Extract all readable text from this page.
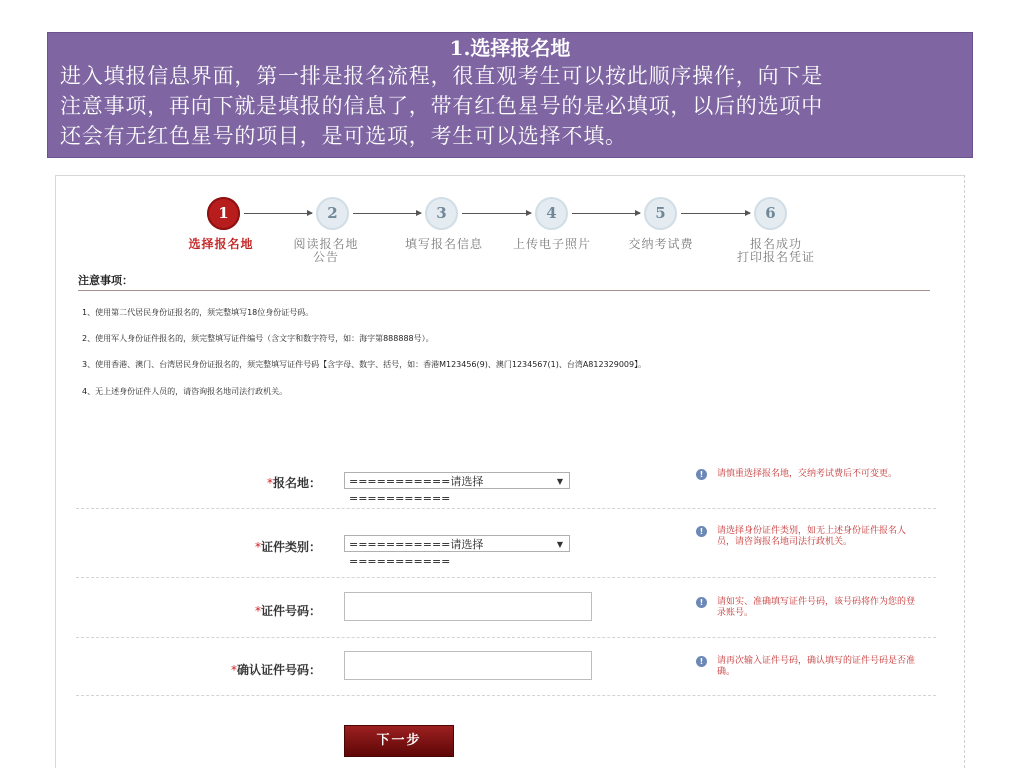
1.选择报名地
进入填报信息界面，第一排是报名流程，很直观考生可以按此顺序操作，向下是
注意事项，再向下就是填报的信息了，带有红色星号的是必填项，以后的选项中
还会有无红色星号的项目，是可选项，考生可以选择不填。
1	2	3	4	5	6
选择报名地	阅读报名地
公告
填写报名信息	上传电子照片	交纳考试费	报名成功
打印报名凭证
注意事项：
1、使用第二代居民身份证报名的，须完整填写18位身份证号码。
2、使用军人身份证件报名的，须完整填写证件编号（含文字和数字符号，如：海字第888888号）。
3、使用香港、澳门、台湾居民身份证报名的，须完整填写证件号码【含字母、数字、括号，如：香港M123456(9)、澳门1234567(1)、台湾A812329009】。
4、无上述身份证件人员的，请咨询报名地司法行政机关。
*报名地：	===========请选择===========
▼
!	请慎重选择报名地，交纳考试费后不可变更。
*证件类别：	===========请选择===========
▼
!	请选择身份证件类别，如无上述身份证件报名人员，请咨询报名地司法行政机关。
*证件号码：
!	请如实、准确填写证件号码，该号码将作为您的登录账号。
*确认证件号码：
!	请再次输入证件号码，确认填写的证件号码是否准确。
下一步
